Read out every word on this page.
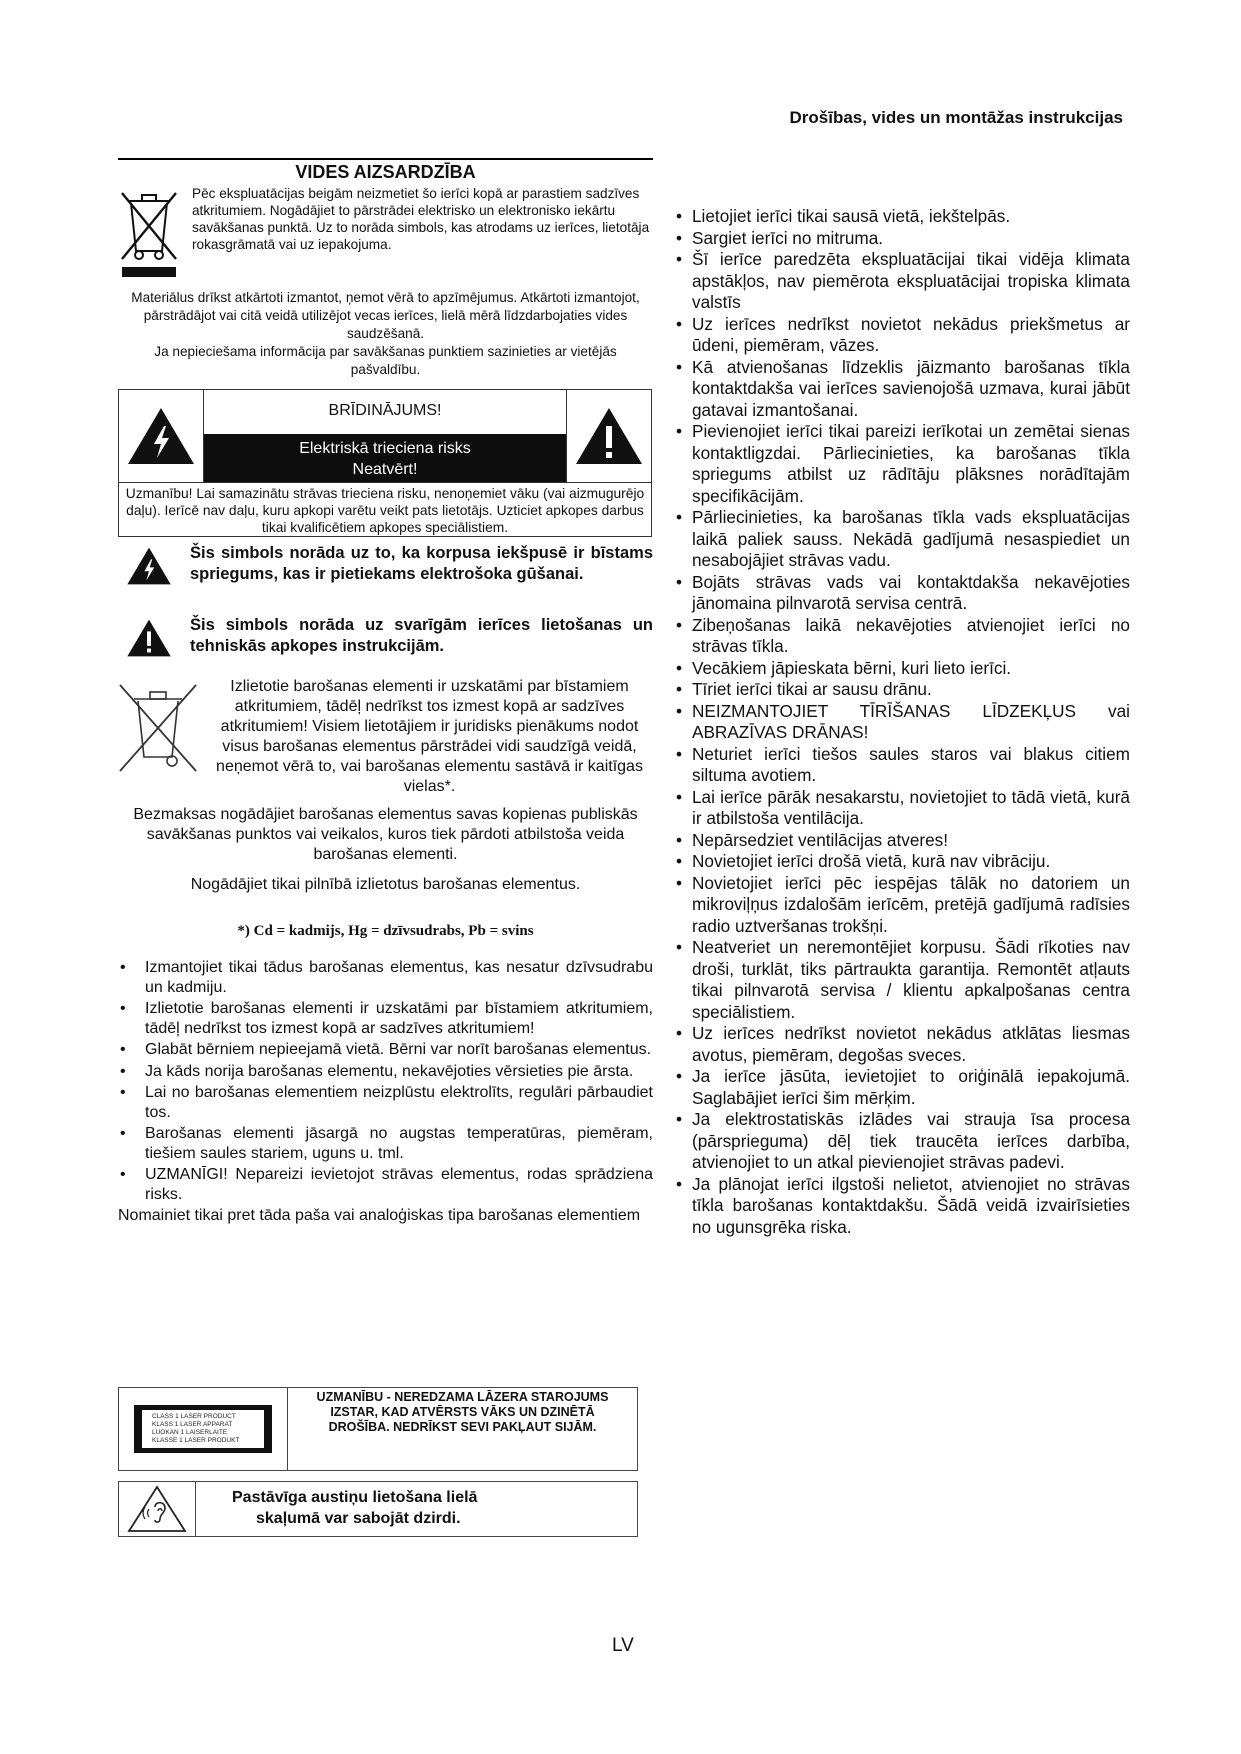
Drošības, vides un montāžas instrukcijas
VIDES AIZSARDZĪBA
Pēc ekspluatācijas beigām neizmetiet šo ierīci kopā ar parastiem sadzīves atkritumiem. Nogādājiet to pārstrādei elektrisko un elektronisko iekārtu savākšanas punktā. Uz to norāda simbols, kas atrodams uz ierīces, lietotāja rokasgrāmatā vai uz iepakojuma.
Materiālus drīkst atkārtoti izmantot, ņemot vērā to apzīmējumus. Atkārtoti izmantojot, pārstrādājot vai citā veidā utilizējot vecas ierīces, lielā mērā līdzdarbojaties vides saudzēšanā.
Ja nepieciešama informācija par savākšanas punktiem sazinieties ar vietējās pašvaldību.
BRĪDINĀJUMS!
Elektriskā trieciena risks
Neatvērt!
Uzmanību! Lai samazinātu strāvas trieciena risku, nenoņemiet vāku (vai aizmugurējo daļu). Ierīcē nav daļu, kuru apkopi varētu veikt pats lietotājs. Uzticiet apkopes darbus tikai kvalificētiem apkopes speciālistiem.
Šis simbols norāda uz to, ka korpusa iekšpusē ir bīstams spriegums, kas ir pietiekams elektrošoka gūšanai.
Šis simbols norāda uz svarīgām ierīces lietošanas un tehniskās apkopes instrukcijām.
Izlietotie barošanas elementi ir uzskatāmi par bīstamiem atkritumiem, tādēļ nedrīkst tos izmest kopā ar sadzīves atkritumiem! Visiem lietotājiem ir juridisks pienākums nodot visus barošanas elementus pārstrādei vidi saudzīgā veidā, neņemot vērā to, vai barošanas elementu sastāvā ir kaitīgas vielas*.
Bezmaksas nogādājiet barošanas elementus savas kopienas publiskās savākšanas punktos vai veikalos, kuros tiek pārdoti atbilstoša veida barošanas elementi.
Nogādājiet tikai pilnībā izlietotus barošanas elementus.
*) Cd = kadmijs, Hg = dzīvsudrabs, Pb = svins
• Izmantojiet tikai tādus barošanas elementus, kas nesatur dzīvsudrabu un kadmiju.
• Izlietotie barošanas elementi ir uzskatāmi par bīstamiem atkritumiem, tādēļ nedrīkst tos izmest kopā ar sadzīves atkritumiem!
• Glabāt bērniem nepieejamā vietā. Bērni var norīt barošanas elementus.
• Ja kāds norija barošanas elementu, nekavējoties vērsieties pie ārsta.
• Lai no barošanas elementiem neizplūstu elektrolīts, regulāri pārbaudiet tos.
• Barošanas elementi jāsargā no augstas temperatūras, piemēram, tiešiem saules stariem, uguns u. tml.
• UZMANĪGI! Nepareizi ievietojot strāvas elementus, rodas sprādziena risks.
Nomainiet tikai pret tāda paša vai analoģiskas tipa barošanas elementiem
CLASS 1 LASER PRODUCT
KLASS 1 LASER APPARAT
LUOKAN 1 LAISERLAITE
KLASSE 1 LASER PRODUKT
UZMANĪBU - NEREDZAMA LĀZERA STAROJUMS
IZSTAR, KAD ATVĒRSTS VĀKS UN DZINĒTĀ
DROŠĪBA. NEDRĪKST SEVI PAKĻAUT SIJĀM.
Pastāvīga austiņu lietošana lielā
skaļumā var sabojāt dzirdi.
• Lietojiet ierīci tikai sausā vietā, iekštelpās.
• Sargiet ierīci no mitruma.
• Šī ierīce paredzēta ekspluatācijai tikai vidēja klimata apstākļos, nav piemērota ekspluatācijai tropiska klimata valstīs
• Uz ierīces nedrīkst novietot nekādus priekšmetus ar ūdeni, piemēram, vāzes.
• Kā atvienošanas līdzeklis jāizmanto barošanas tīkla kontaktdakša vai ierīces savienojošā uzmava, kurai jābūt gatavai izmantošanai.
• Pievienojiet ierīci tikai pareizi ierīkotai un zemētai sienas kontaktligzdai. Pārliecinieties, ka barošanas tīkla spriegums atbilst uz rādītāju plāksnes norādītajām specifikācijām.
• Pārliecinieties, ka barošanas tīkla vads ekspluatācijas laikā paliek sauss. Nekādā gadījumā nesaspiediet un nesabojājiet strāvas vadu.
• Bojāts strāvas vads vai kontaktdakša nekavējoties jānomaina pilnvarotā servisa centrā.
• Zibeņošanas laikā nekavējoties atvienojiet ierīci no strāvas tīkla.
• Vecākiem jāpieskata bērni, kuri lieto ierīci.
• Tīriet ierīci tikai ar sausu drānu.
• NEIZMANTOJIET TĪRĪŠANAS LĪDZEKĻUS vai ABRAZĪVAS DRĀNAS!
• Neturiet ierīci tiešos saules staros vai blakus citiem siltuma avotiem.
• Lai ierīce pārāk nesakarstu, novietojiet to tādā vietā, kurā ir atbilstoša ventilācija.
• Nepārsedziet ventilācijas atveres!
• Novietojiet ierīci drošā vietā, kurā nav vibrāciju.
• Novietojiet ierīci pēc iespējas tālāk no datoriem un mikroviļņus izdalošām ierīcēm, pretējā gadījumā radīsies radio uztveršanas trokšņi.
• Neatveriet un neremontējiet korpusu. Šādi rīkoties nav droši, turklāt, tiks pārtraukta garantija. Remontēt atļauts tikai pilnvarotā servisa / klientu apkalpošanas centra speciālistiem.
• Uz ierīces nedrīkst novietot nekādus atklātas liesmas avotus, piemēram, degošas sveces.
• Ja ierīce jāsūta, ievietojiet to oriģinālā iepakojumā. Saglabājiet ierīci šim mērķim.
• Ja elektrostatiskās izlādes vai strauja īsa procesa (pārsprieguma) dēļ tiek traucēta ierīces darbība, atvienojiet to un atkal pievienojiet strāvas padevi.
• Ja plānojat ierīci ilgstoši nelietot, atvienojiet no strāvas tīkla barošanas kontaktdakšu. Šādā veidā izvairīsieties no ugunsgrēka riska.
LV
